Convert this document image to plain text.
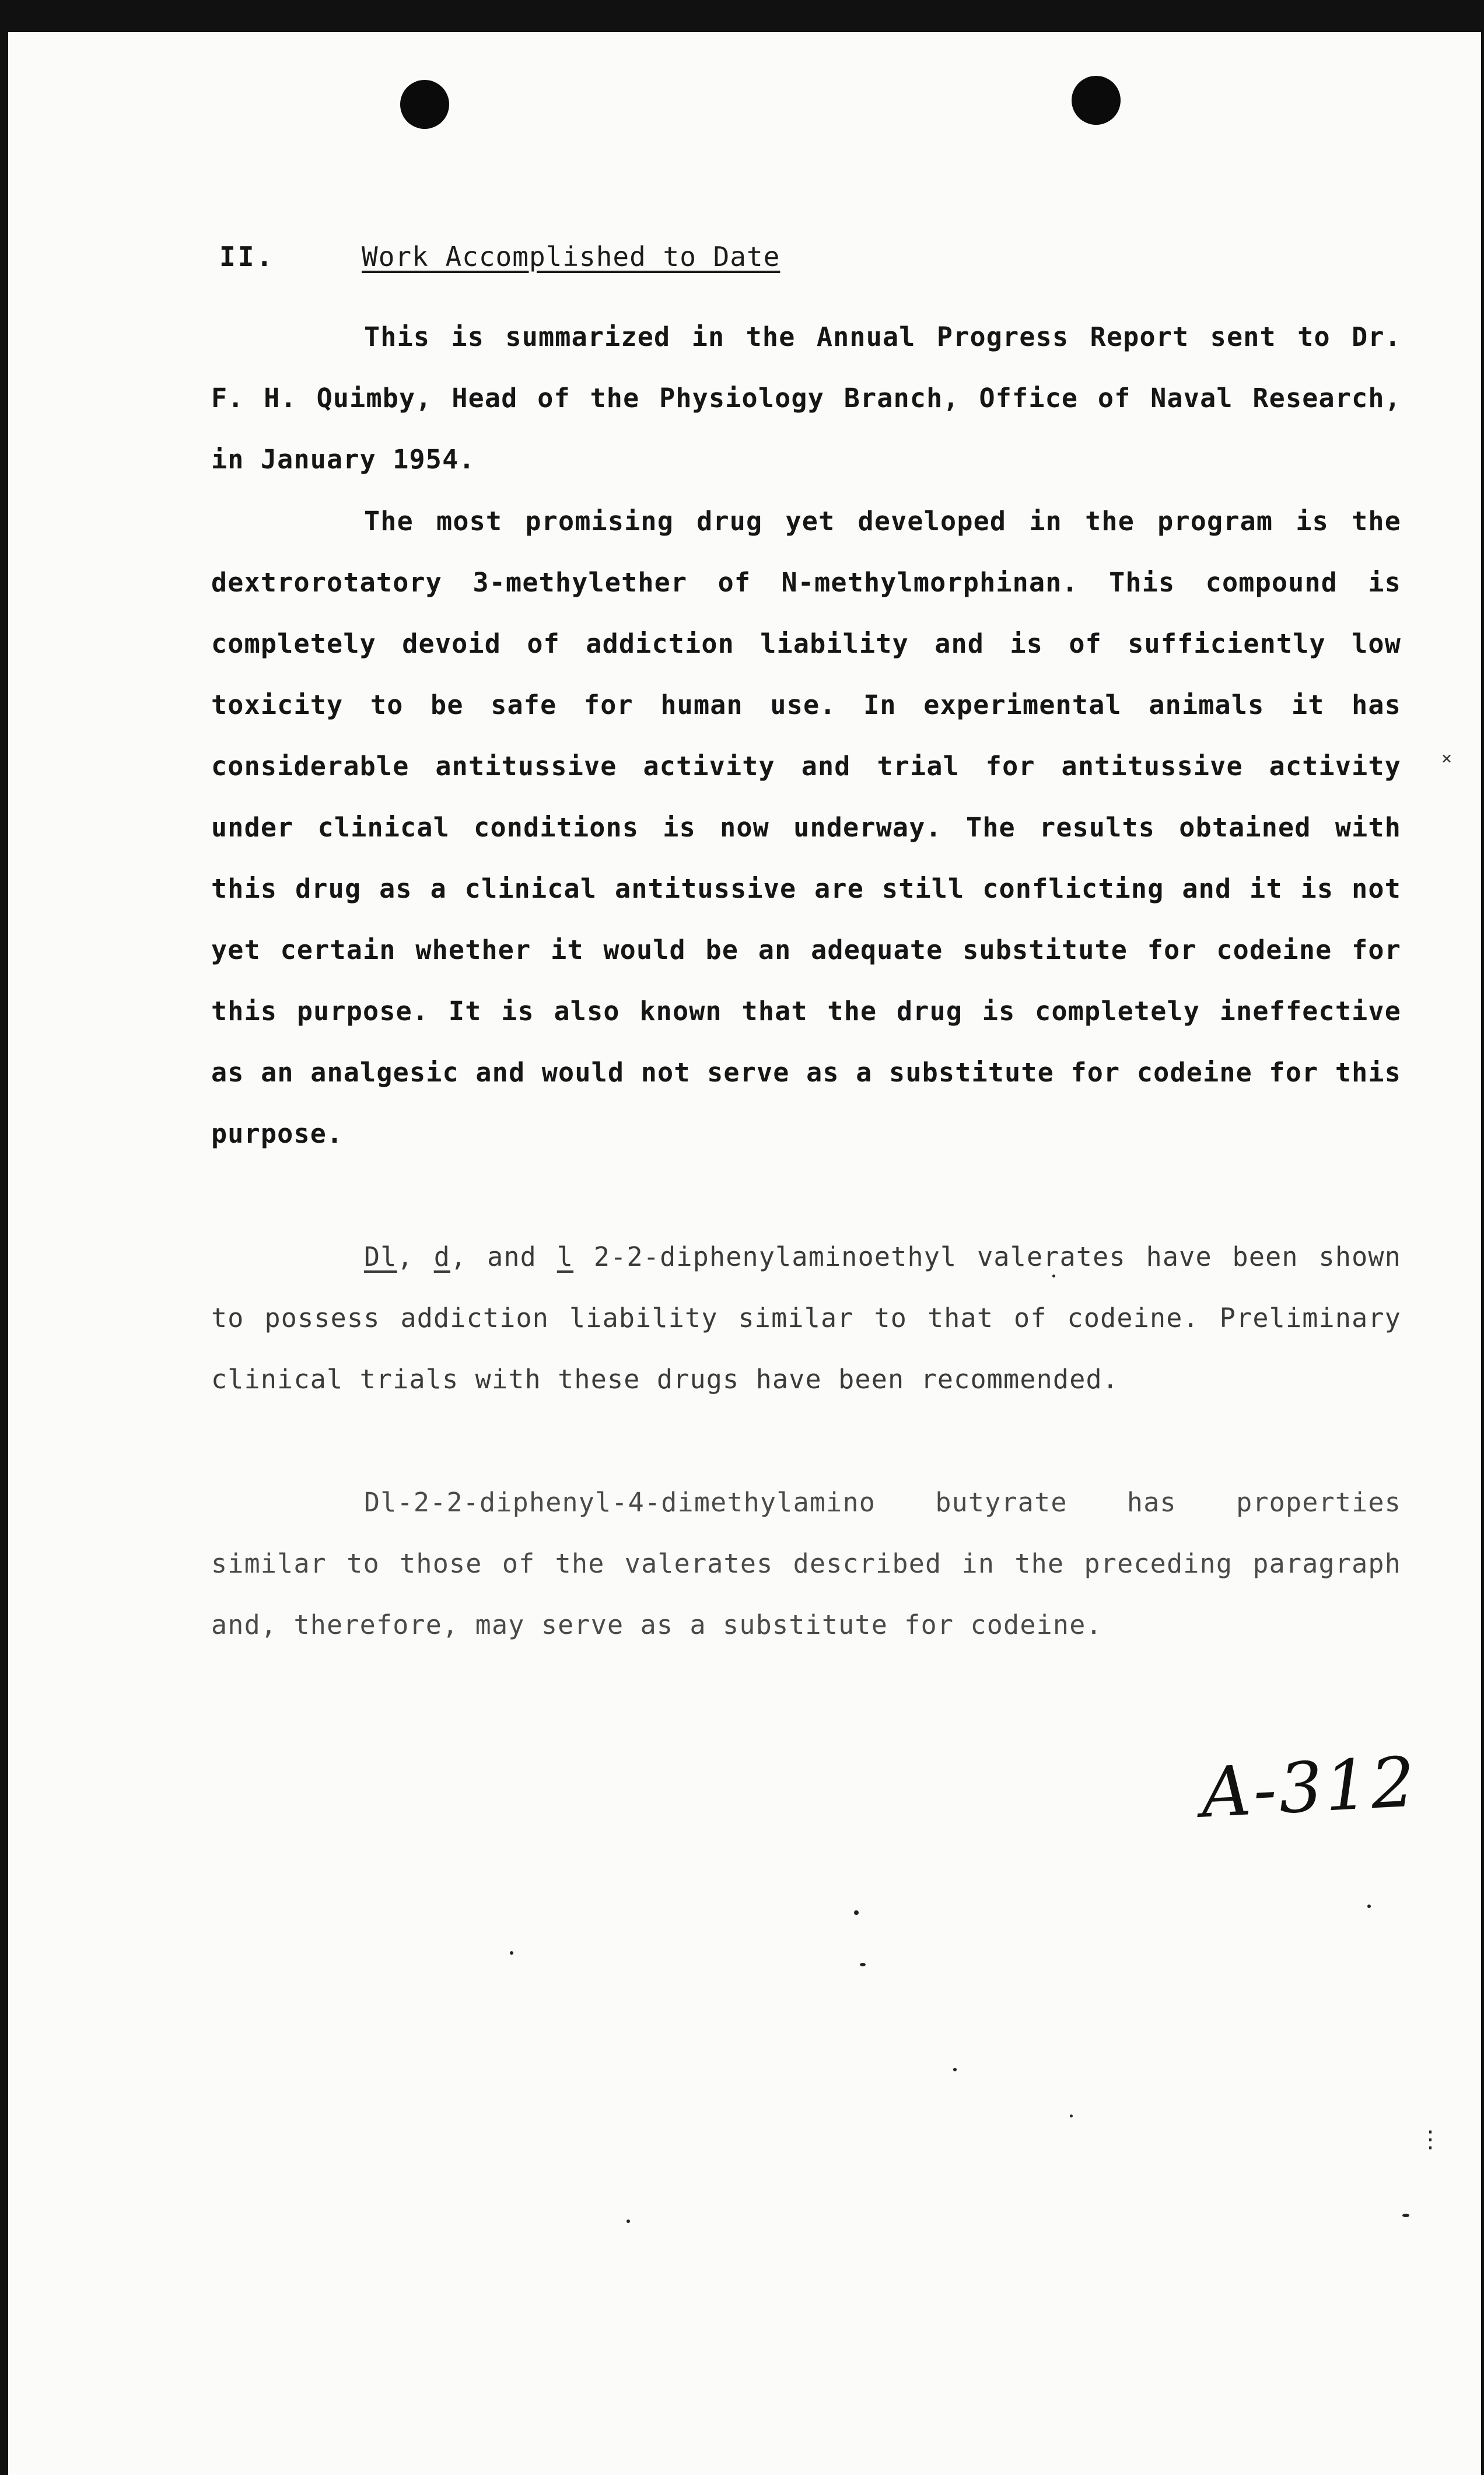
II.	Work Accomplished to Date
This is summarized in the Annual Progress Report sent to Dr. F. H. Quimby, Head of the Physiology Branch, Office of Naval Research, in January 1954.
The most promising drug yet developed in the program is the dextrorotatory 3-methylether of N-methylmorphinan. This compound is completely devoid of addiction liability and is of sufficiently low toxicity to be safe for human use. In experimental animals it has considerable antitussive activity and trial for antitussive activity under clinical conditions is now underway. The results obtained with this drug as a clinical antitussive are still conflicting and it is not yet certain whether it would be an adequate substitute for codeine for this purpose. It is also known that the drug is completely ineffective as an analgesic and would not serve as a substitute for codeine for this purpose.
Dl, d, and l 2-2-diphenylaminoethyl valerates have been shown to possess addiction liability similar to that of codeine. Preliminary clinical trials with these drugs have been recommended.
Dl-2-2-diphenyl-4-dimethylamino butyrate has properties similar to those of the valerates described in the preceding paragraph and, therefore, may serve as a substitute for codeine.
A-312
×
⋮
